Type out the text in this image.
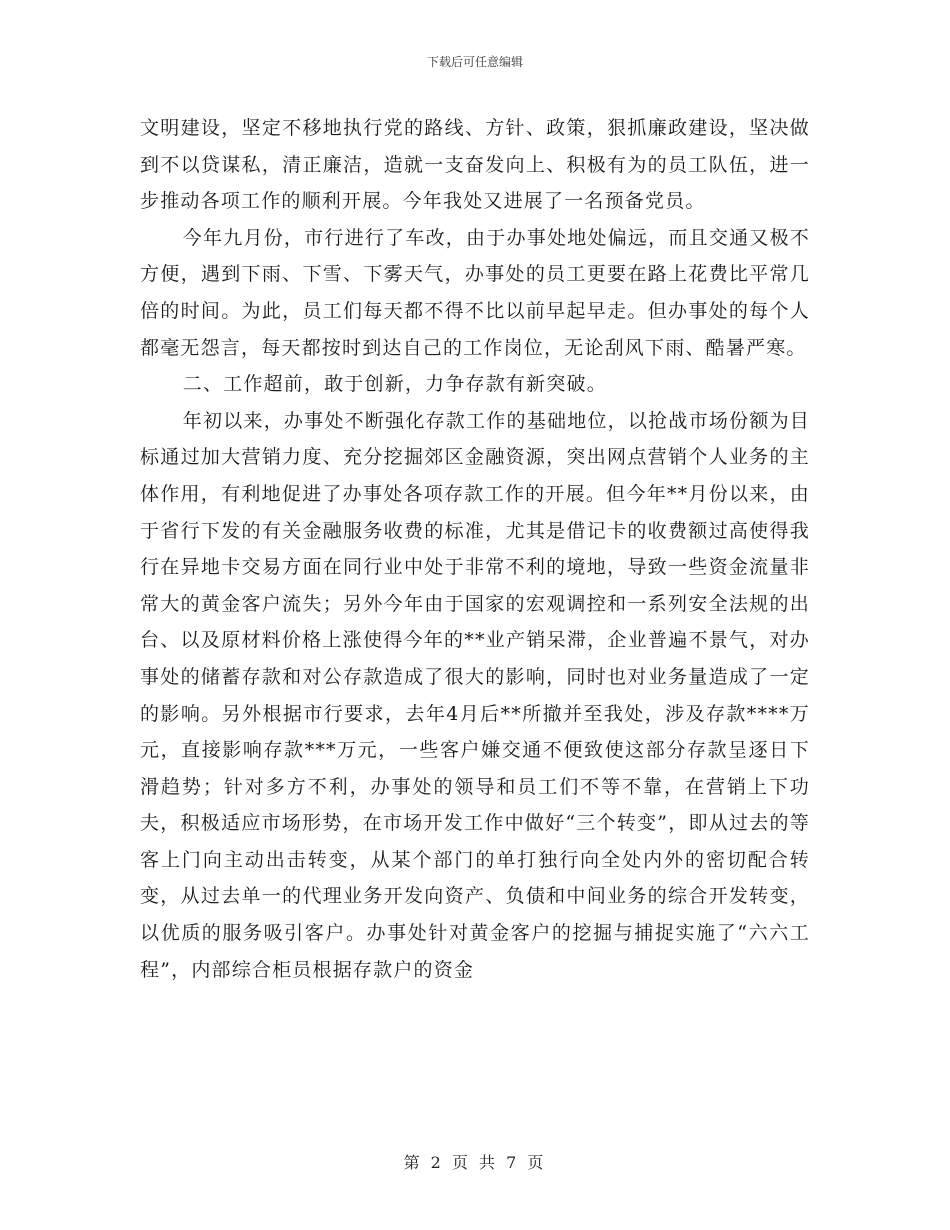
下载后可任意编辑

文明建设，坚定不移地执行党的路线、方针、政策，狠抓廉政建设，坚决做到不以贷谋私，清正廉洁，造就一支奋发向上、积极有为的员工队伍，进一步推动各项工作的顺利开展。今年我处又进展了一名预备党员。

今年九月份，市行进行了车改，由于办事处地处偏远，而且交通又极不方便，遇到下雨、下雪、下雾天气，办事处的员工更要在路上花费比平常几倍的时间。为此，员工们每天都不得不比以前早起早走。但办事处的每个人都毫无怨言，每天都按时到达自己的工作岗位，无论刮风下雨、酷暑严寒。

二、工作超前，敢于创新，力争存款有新突破。

年初以来，办事处不断强化存款工作的基础地位，以抢战市场份额为目标通过加大营销力度、充分挖掘郊区金融资源，突出网点营销个人业务的主体作用，有利地促进了办事处各项存款工作的开展。但今年**月份以来，由于省行下发的有关金融服务收费的标准，尤其是借记卡的收费额过高使得我行在异地卡交易方面在同行业中处于非常不利的境地，导致一些资金流量非常大的黄金客户流失；另外今年由于国家的宏观调控和一系列安全法规的出台、以及原材料价格上涨使得今年的**业产销呆滞，企业普遍不景气，对办事处的储蓄存款和对公存款造成了很大的影响，同时也对业务量造成了一定的影响。另外根据市行要求，去年4月后**所撤并至我处，涉及存款****万元，直接影响存款***万元，一些客户嫌交通不便致使这部分存款呈逐日下滑趋势；针对多方不利，办事处的领导和员工们不等不靠，在营销上下功夫，积极适应市场形势，在市场开发工作中做好“三个转变”，即从过去的等客上门向主动出击转变，从某个部门的单打独行向全处内外的密切配合转变，从过去单一的代理业务开发向资产、负债和中间业务的综合开发转变，以优质的服务吸引客户。办事处针对黄金客户的挖掘与捕捉实施了“六六工程”，内部综合柜员根据存款户的资金

第 2 页 共 7 页
